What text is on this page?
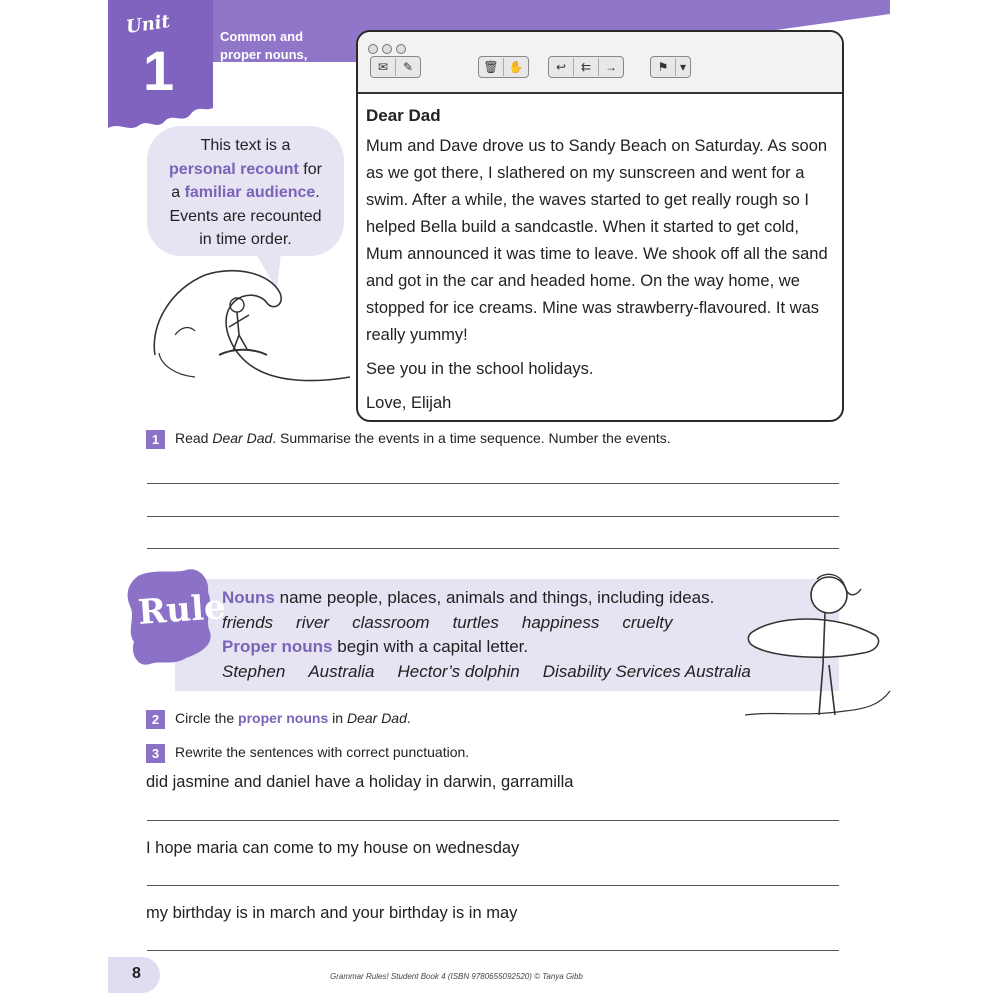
Unit
1
Common and proper nouns, verbs
This text is a
personal recount for
a familiar audience.
Events are recounted
in time order.
✉	✎	🗑 ✋	↩	⇇	→	⚑ ▾

Dear Dad

Mum and Dave drove us to Sandy Beach on Saturday. As soon as we got there, I slathered on my sunscreen and went for a swim. After a while, the waves started to get really rough so I helped Bella build a sandcastle. When it started to get cold, Mum announced it was time to leave. We shook off all the sand and got in the car and headed home. On the way home, we stopped for ice creams. Mine was strawberry-flavoured. It was really yummy!

See you in the school holidays.

Love, Elijah

1 Read Dear Dad. Summarise the events in a time sequence. Number the events.
Rule
Nouns name people, places, animals and things, including ideas.
friends river classroom turtles happiness cruelty
Proper nouns begin with a capital letter.
Stephen Australia Hector’s dolphin Disability Services Australia
2 Circle the proper nouns in Dear Dad.
3 Rewrite the sentences with correct punctuation.
did jasmine and daniel have a holiday in darwin, garramilla
I hope maria can come to my house on wednesday
my birthday is in march and your birthday is in may
8	Grammar Rules! Student Book 4 (ISBN 9780655092520) © Tanya Gibb
